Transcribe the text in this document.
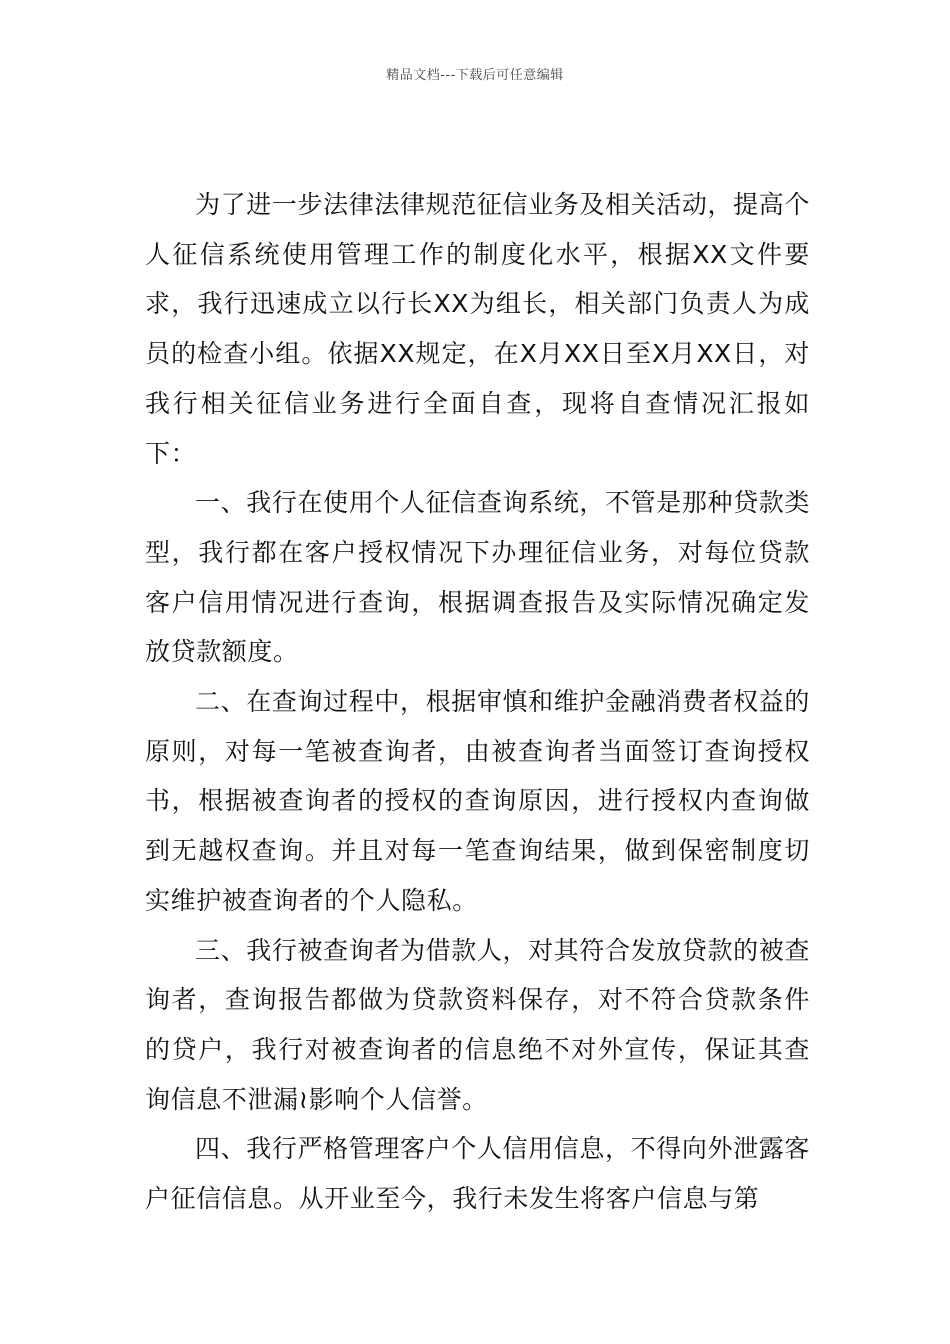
精品文档---下载后可任意编辑

为了进一步法律法律规范征信业务及相关活动，提高个人征信系统使用管理工作的制度化水平，根据XX文件要求，我行迅速成立以行长XX为组长，相关部门负责人为成员的检查小组。依据XX规定，在X月XX日至X月XX日，对我行相关征信业务进行全面自查，现将自查情况汇报如下：

一、我行在使用个人征信查询系统，不管是那种贷款类型，我行都在客户授权情况下办理征信业务，对每位贷款客户信用情况进行查询，根据调查报告及实际情况确定发放贷款额度。

二、在查询过程中，根据审慎和维护金融消费者权益的原则，对每一笔被查询者，由被查询者当面签订查询授权书，根据被查询者的授权的查询原因，进行授权内查询做到无越权查询。并且对每一笔查询结果，做到保密制度切实维护被查询者的个人隐私。

三、我行被查询者为借款人，对其符合发放贷款的被查询者，查询报告都做为贷款资料保存，对不符合贷款条件的贷户，我行对被查询者的信息绝不对外宣传，保证其查询信息不泄漏≀影响个人信誉。

四、我行严格管理客户个人信用信息，不得向外泄露客户征信信息。从开业至今，我行未发生将客户信息与第
